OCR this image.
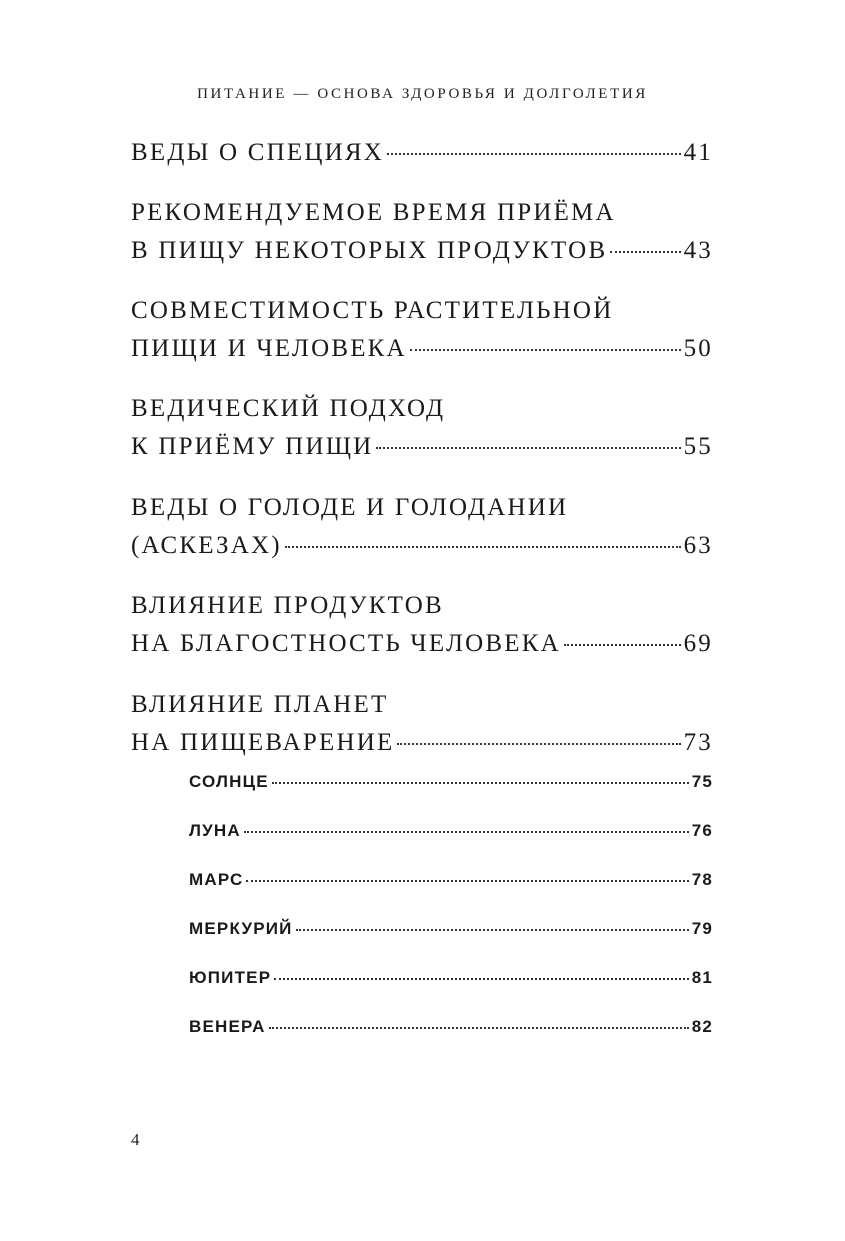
ПИТАНИЕ — ОСНОВА ЗДОРОВЬЯ И ДОЛГОЛЕТИЯ
ВЕДЫ О СПЕЦИЯХ	41
РЕКОМЕНДУЕМОЕ ВРЕМЯ ПРИЁМА
В ПИЩУ НЕКОТОРЫХ ПРОДУКТОВ	43
СОВМЕСТИМОСТЬ РАСТИТЕЛЬНОЙ
ПИЩИ И ЧЕЛОВЕКА	50
ВЕДИЧЕСКИЙ ПОДХОД
К ПРИЁМУ ПИЩИ	55
ВЕДЫ О ГОЛОДЕ И ГОЛОДАНИИ
(АСКЕЗАХ)	63
ВЛИЯНИЕ ПРОДУКТОВ
НА БЛАГОСТНОСТЬ ЧЕЛОВЕКА	69
ВЛИЯНИЕ ПЛАНЕТ
НА ПИЩЕВАРЕНИЕ	73
СОЛНЦЕ	75
ЛУНА	76
МАРС	78
МЕРКУРИЙ	79
ЮПИТЕР	81
ВЕНЕРА	82
4
